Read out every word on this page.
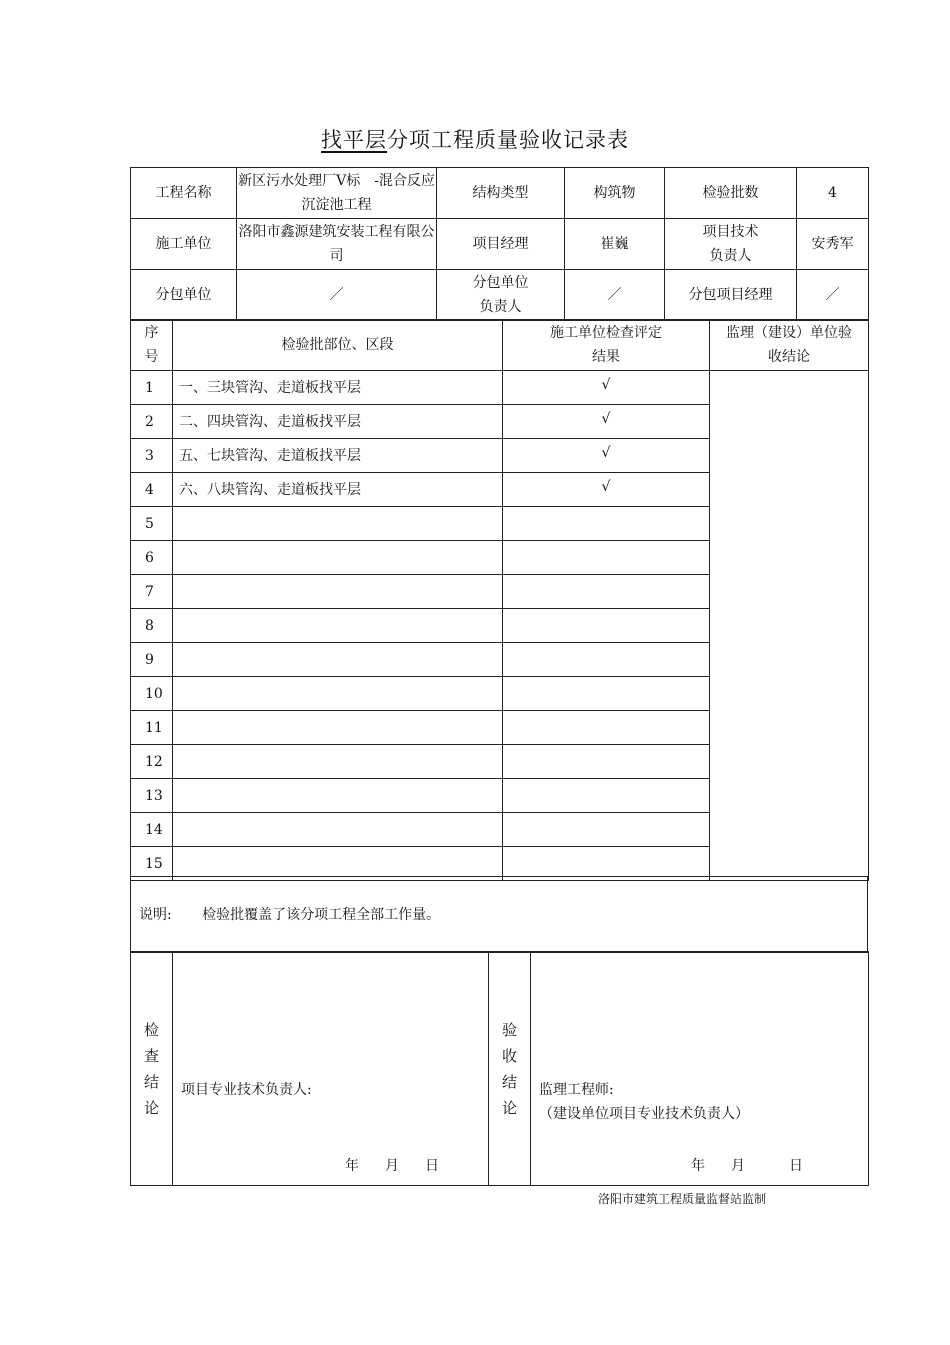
找平层分项工程质量验收记录表
工程名称	新区污水处理厂Ⅴ标　-混合反应沉淀池工程	结构类型	构筑物	检验批数	4
施工单位	洛阳市鑫源建筑安装工程有限公司	项目经理	崔巍	项目技术负责人	安秀军
分包单位	／	分包单位负责人	／	分包项目经理	／
序号	检验批部位、区段	施工单位检查评定结果	监理（建设）单位验收结论
1	一、三块管沟、走道板找平层	√	
2	二、四块管沟、走道板找平层	√	
3	五、七块管沟、走道板找平层	√	
4	六、八块管沟、走道板找平层	√	
5			
6			
7			
8			
9			
10			
11			
12			
13			
14			
15			
说明: 检验批覆盖了该分项工程全部工作量。
检查结论	
项目专业技术负责人:
年 月 日
	验收结论	
监理工程师:
（建设单位项目专业技术负责人）
年 月	日
洛阳市建筑工程质量监督站监制
